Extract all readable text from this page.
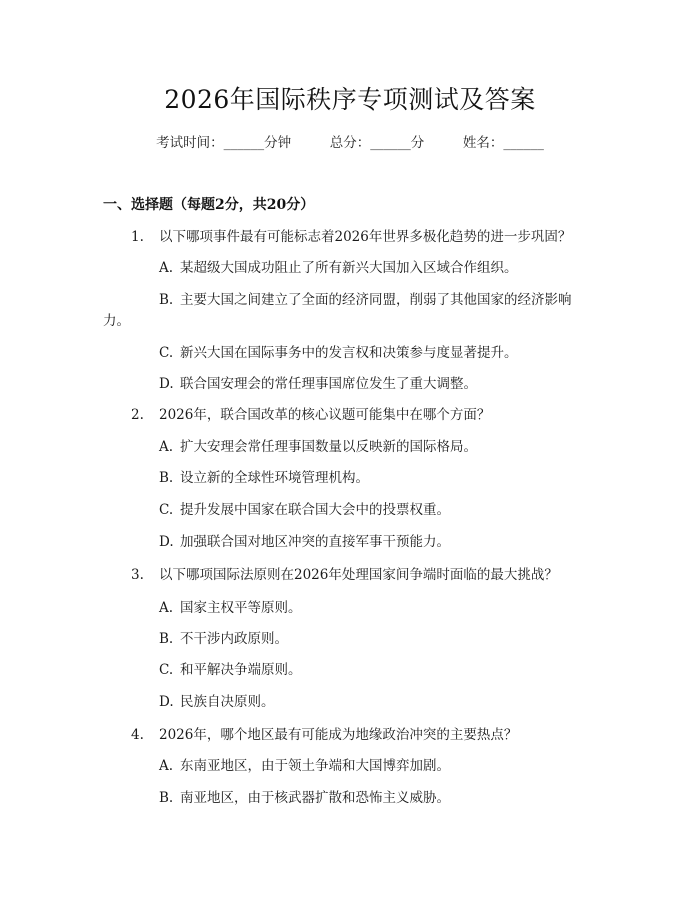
2026年国际秩序专项测试及答案
考试时间：______分钟	总分：______分	姓名：______
一、选择题（每题2分，共20分）
1. 以下哪项事件最有可能标志着2026年世界多极化趋势的进一步巩固？
A. 某超级大国成功阻止了所有新兴大国加入区域合作组织。
B. 主要大国之间建立了全面的经济同盟，削弱了其他国家的经济影响
力。
C. 新兴大国在国际事务中的发言权和决策参与度显著提升。
D. 联合国安理会的常任理事国席位发生了重大调整。
2. 2026年，联合国改革的核心议题可能集中在哪个方面？
A. 扩大安理会常任理事国数量以反映新的国际格局。
B. 设立新的全球性环境管理机构。
C. 提升发展中国家在联合国大会中的投票权重。
D. 加强联合国对地区冲突的直接军事干预能力。
3. 以下哪项国际法原则在2026年处理国家间争端时面临的最大挑战？
A. 国家主权平等原则。
B. 不干涉内政原则。
C. 和平解决争端原则。
D. 民族自决原则。
4. 2026年，哪个地区最有可能成为地缘政治冲突的主要热点？
A. 东南亚地区，由于领土争端和大国博弈加剧。
B. 南亚地区，由于核武器扩散和恐怖主义威胁。
